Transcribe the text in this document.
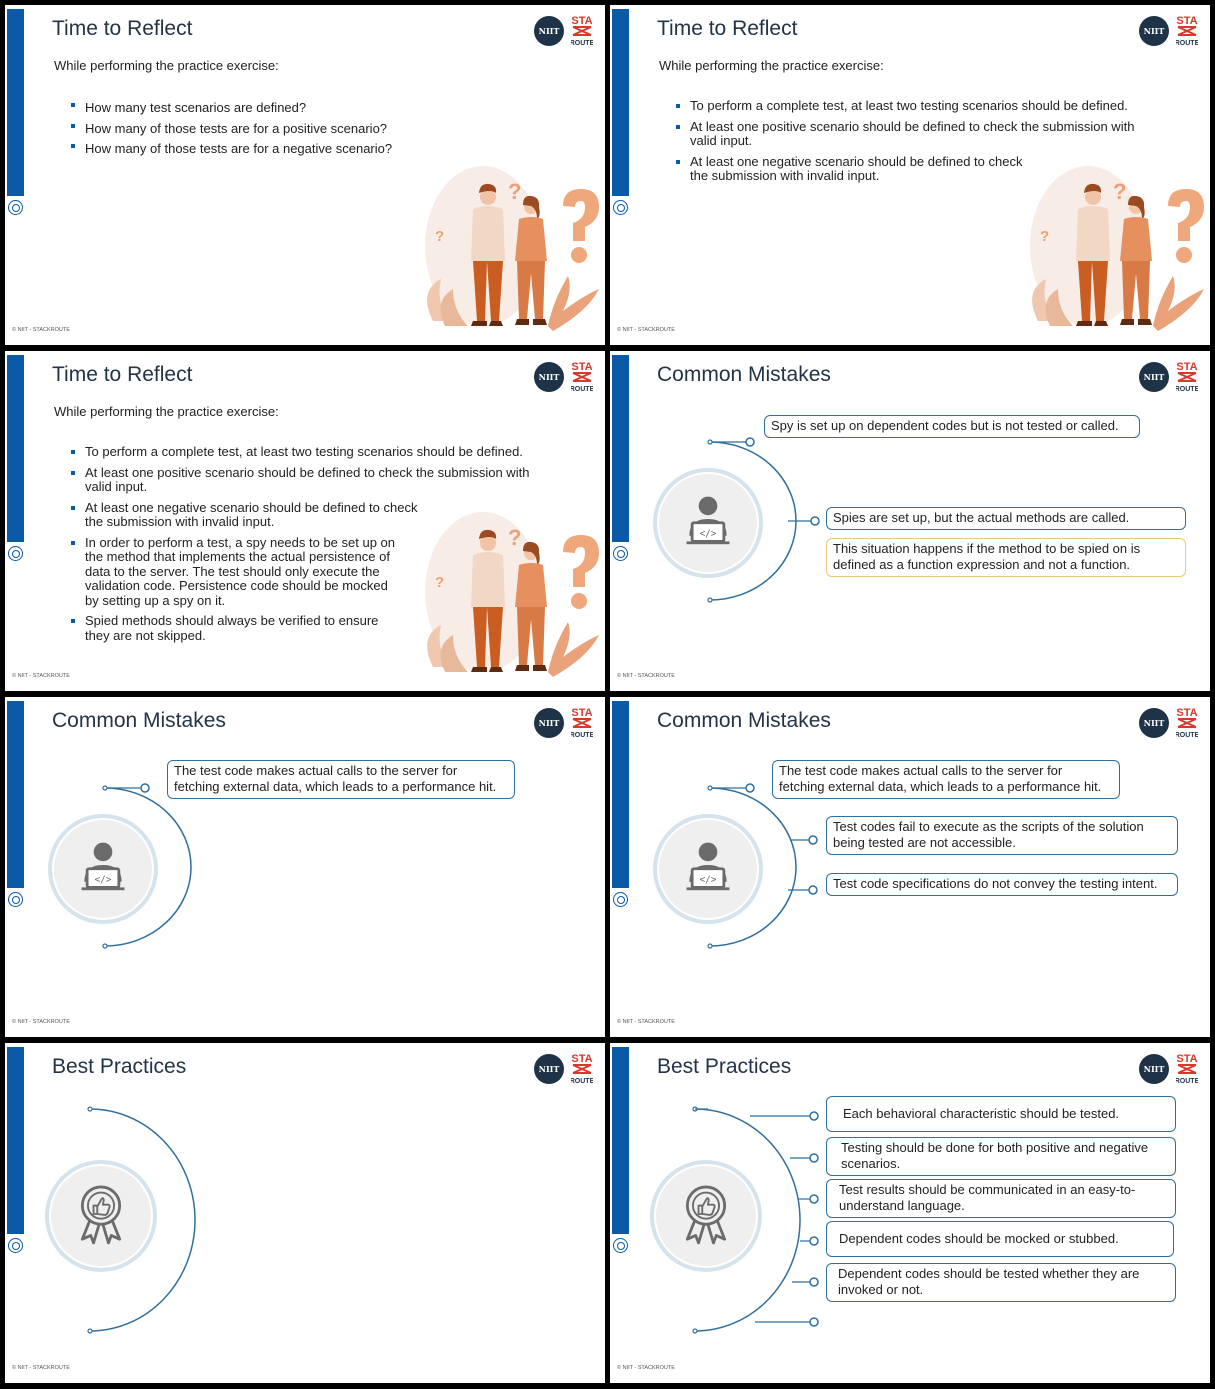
Time to Reflect	NIIT
While performing the practice exercise:
How many test scenarios are defined?
How many of those tests are for a positive scenario?
How many of those tests are for a negative scenario?
© NIIT - STACKROUTE
Time to Reflect	NIIT
While performing the practice exercise:
To perform a complete test, at least two testing scenarios should be defined.
At least one positive scenario should be defined to check the submission with
valid input.
At least one negative scenario should be defined to check
the submission with invalid input.
© NIIT - STACKROUTE
Time to Reflect	NIIT
While performing the practice exercise:
To perform a complete test, at least two testing scenarios should be defined.
At least one positive scenario should be defined to check the submission with
valid input.
At least one negative scenario should be defined to check
the submission with invalid input.
In order to perform a test, a spy needs to be set up on
the method that implements the actual persistence of
data to the server. The test should only execute the
validation code. Persistence code should be mocked
by setting up a spy on it.
Spied methods should always be verified to ensure
they are not skipped.
© NIIT - STACKROUTE
Common Mistakes	NIIT
Spy is set up on dependent codes but is not tested or called.
Spies are set up, but the actual methods are called.
This situation happens if the method to be spied on is
defined as a function expression and not a function.
© NIIT - STACKROUTE
Common Mistakes	NIIT
The test code makes actual calls to the server for
fetching external data, which leads to a performance hit.
© NIIT - STACKROUTE
Common Mistakes	NIIT
The test code makes actual calls to the server for
fetching external data, which leads to a performance hit.
Test codes fail to execute as the scripts of the solution
being tested are not accessible.
Test code specifications do not convey the testing intent.
© NIIT - STACKROUTE
Best Practices	NIIT
© NIIT - STACKROUTE
Best Practices	NIIT
Each behavioral characteristic should be tested.
Testing should be done for both positive and negative
scenarios.
Test results should be communicated in an easy-to-
understand language.
Dependent codes should be mocked or stubbed.
Dependent codes should be tested whether they are
invoked or not.
© NIIT - STACKROUTE
